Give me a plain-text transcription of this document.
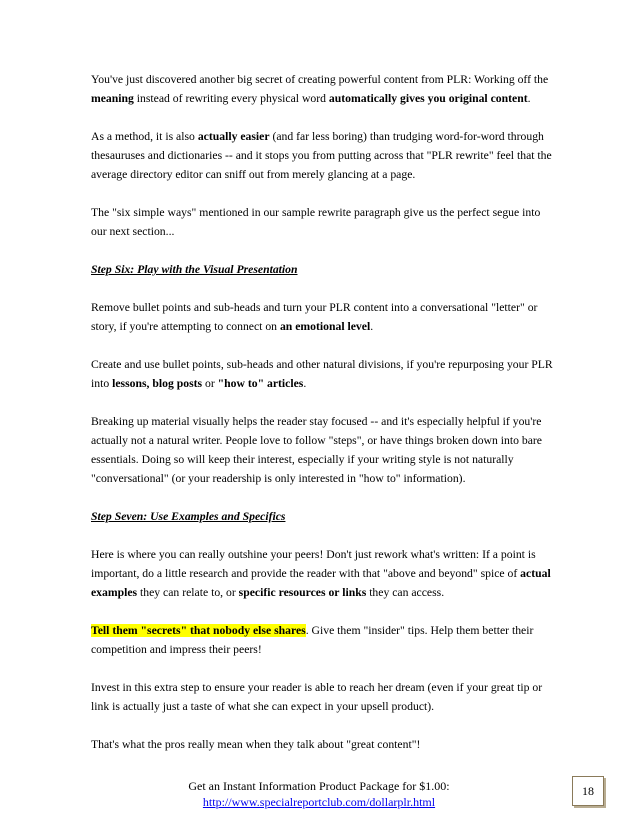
You've just discovered another big secret of creating powerful content from PLR: Working off the meaning instead of rewriting every physical word automatically gives you original content.

As a method, it is also actually easier (and far less boring) than trudging word-for-word through thesauruses and dictionaries -- and it stops you from putting across that "PLR rewrite" feel that the average directory editor can sniff out from merely glancing at a page.

The "six simple ways" mentioned in our sample rewrite paragraph give us the perfect segue into our next section...

Step Six: Play with the Visual Presentation

Remove bullet points and sub-heads and turn your PLR content into a conversational "letter" or story, if you're attempting to connect on an emotional level.

Create and use bullet points, sub-heads and other natural divisions, if you're repurposing your PLR into lessons, blog posts or "how to" articles.

Breaking up material visually helps the reader stay focused -- and it's especially helpful if you're actually not a natural writer. People love to follow "steps", or have things broken down into bare essentials. Doing so will keep their interest, especially if your writing style is not naturally "conversational" (or your readership is only interested in "how to" information).

Step Seven: Use Examples and Specifics

Here is where you can really outshine your peers! Don't just rework what's written: If a point is important, do a little research and provide the reader with that "above and beyond" spice of actual examples they can relate to, or specific resources or links they can access.

Tell them "secrets" that nobody else shares. Give them "insider" tips. Help them better their competition and impress their peers!

Invest in this extra step to ensure your reader is able to reach her dream (even if your great tip or link is actually just a taste of what she can expect in your upsell product).

That's what the pros really mean when they talk about "great content"!

Get an Instant Information Product Package for $1.00:
http://www.specialreportclub.com/dollarplr.html
18
